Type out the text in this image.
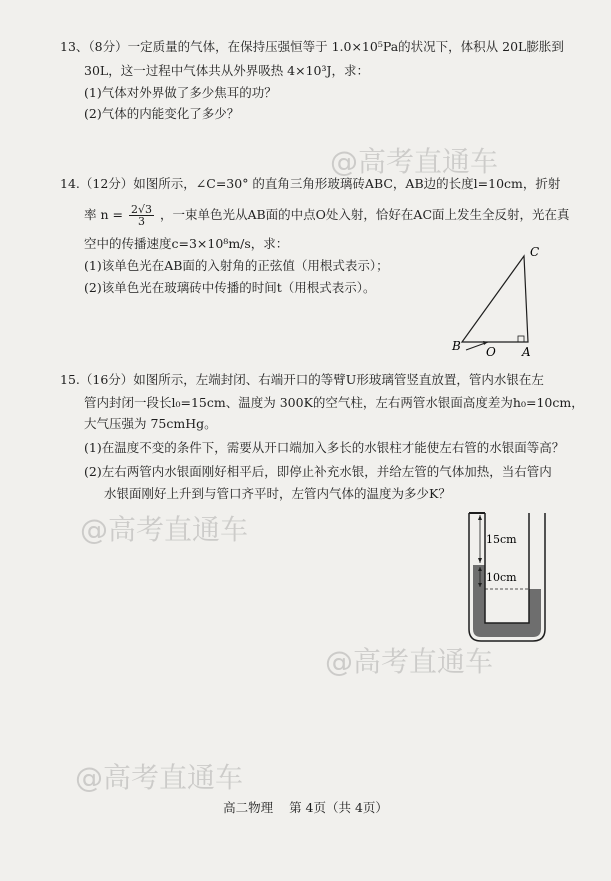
13、（8分）一定质量的气体，在保持压强恒等于 1.0×10⁵Pa的状况下，体积从 20L膨胀到
30L，这一过程中气体共从外界吸热 4×10³J，求：
(1)气体对外界做了多少焦耳的功？
(2)气体的内能变化了多少？
14.（12分）如图所示，∠C=30° 的直角三角形玻璃砖ABC，AB边的长度l=10cm，折射
率 $n = \frac{2√3}{3}$ ，一束单色光从AB面的中点O处入射，恰好在AC面上发生全反射，光在真
空中的传播速度c=3×10⁸m/s，求：
(1)该单色光在AB面的入射角的正弦值（用根式表示）；
(2)该单色光在玻璃砖中传播的时间t（用根式表示）。
C
B O A
15.（16分）如图所示，左端封闭、右端开口的等臂U形玻璃管竖直放置，管内水银在左
管内封闭一段长l₀=15cm、温度为 300K的空气柱，左右两管水银面高度差为h₀=10cm，
大气压强为 75cmHg。
(1)在温度不变的条件下，需要从开口端加入多长的水银柱才能使左右管的水银面等高？
(2)左右两管内水银面刚好相平后，即停止补充水银，并给左管的气体加热，当右管内
水银面刚好上升到与管口齐平时，左管内气体的温度为多少K？
15cm
10cm
高二物理 第 4页（共 4页）
@高考直通车
@高考直通车
@高考直通车
@高考直通车
